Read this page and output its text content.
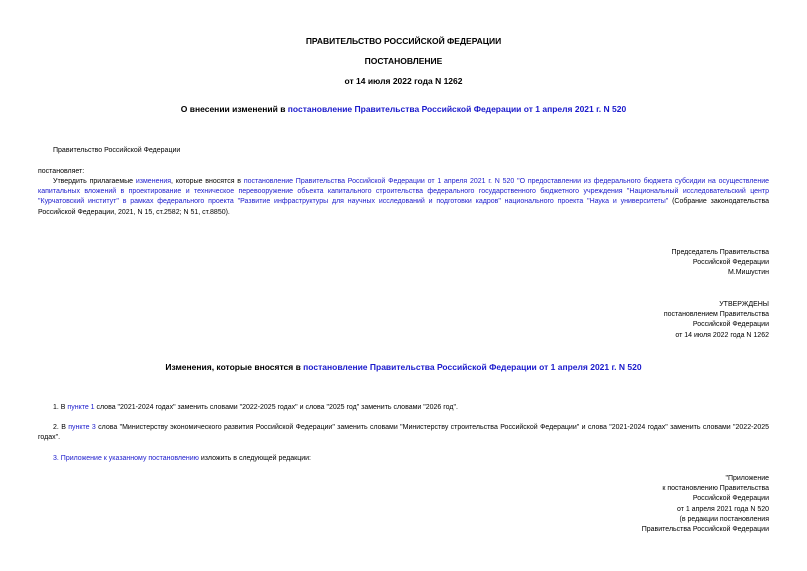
ПРАВИТЕЛЬСТВО РОССИЙСКОЙ ФЕДЕРАЦИИ
ПОСТАНОВЛЕНИЕ
от 14 июля 2022 года N 1262
О внесении изменений в постановление Правительства Российской Федерации от 1 апреля 2021 г. N 520
Правительство Российской Федерации
постановляет:
Утвердить прилагаемые изменения, которые вносятся в постановление Правительства Российской Федерации от 1 апреля 2021 г. N 520 "О предоставлении из федерального бюджета субсидии на осуществление капитальных вложений в проектирование и техническое перевооружение объекта капитального строительства федерального государственного бюджетного учреждения "Национальный исследовательский центр "Курчатовский институт" в рамках федерального проекта "Развитие инфраструктуры для научных исследований и подготовки кадров" национального проекта "Наука и университеты" (Собрание законодательства Российской Федерации, 2021, N 15, ст.2582; N 51, ст.8850).
Председатель Правительства
Российской Федерации
М.Мишустин
УТВЕРЖДЕНЫ
постановлением Правительства
Российской Федерации
от 14 июля 2022 года N 1262
Изменения, которые вносятся в постановление Правительства Российской Федерации от 1 апреля 2021 г. N 520
1. В пункте 1 слова "2021-2024 годах" заменить словами "2022-2025 годах" и слова "2025 год" заменить словами "2026 год".
2. В пункте 3 слова "Министерству экономического развития Российской Федерации" заменить словами "Министерству строительства Российской Федерации" и слова "2021-2024 годах" заменить словами "2022-2025 годах".
3. Приложение к указанному постановлению изложить в следующей редакции:
"Приложение
к постановлению Правительства
Российской Федерации
от 1 апреля 2021 года N 520
(в редакции постановления
Правительства Российской Федерации
